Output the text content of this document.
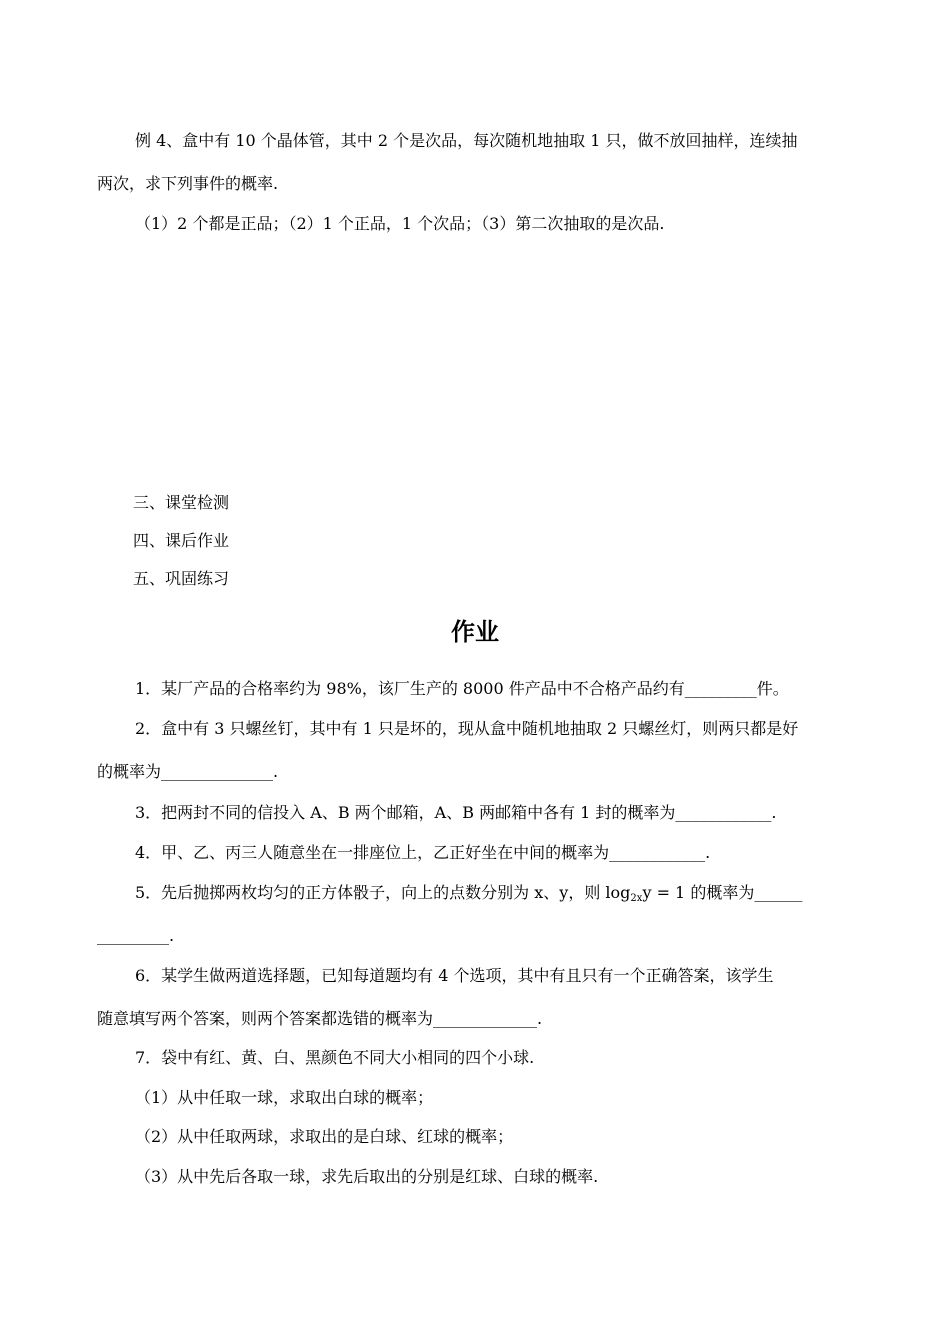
例 4、盒中有 10 个晶体管，其中 2 个是次品，每次随机地抽取 1 只，做不放回抽样，连续抽
两次，求下列事件的概率.
（1）2 个都是正品；（2）1 个正品，1 个次品；（3）第二次抽取的是次品.
三、课堂检测
四、课后作业
五、巩固练习
作业
1．某厂产品的合格率约为 98%，该厂生产的 8000 件产品中不合格产品约有_________件。
2．盒中有 3 只螺丝钉，其中有 1 只是坏的，现从盒中随机地抽取 2 只螺丝灯，则两只都是好
的概率为______________.
3．把两封不同的信投入 A、B 两个邮箱，A、B 两邮箱中各有 1 封的概率为____________.
4．甲、乙、丙三人随意坐在一排座位上，乙正好坐在中间的概率为____________.
5．先后抛掷两枚均匀的正方体骰子，向上的点数分别为 x、y，则 $\log_{2x}y = 1$ 的概率为______
_________.
6．某学生做两道选择题，已知每道题均有 4 个选项，其中有且只有一个正确答案，该学生
随意填写两个答案，则两个答案都选错的概率为_____________.
7．袋中有红、黄、白、黑颜色不同大小相同的四个小球.
（1）从中任取一球，求取出白球的概率；
（2）从中任取两球，求取出的是白球、红球的概率；
（3）从中先后各取一球，求先后取出的分别是红球、白球的概率.
